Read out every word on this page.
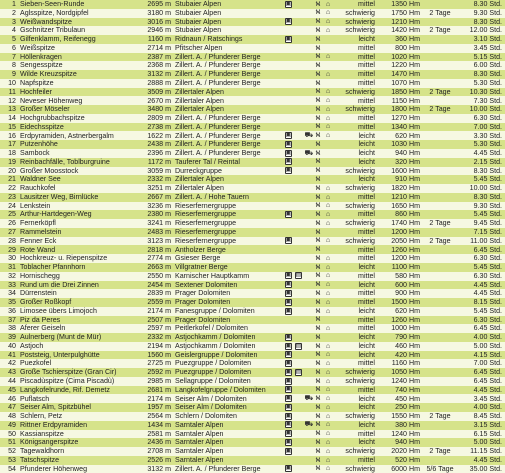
1	Sieben-Seen-Runde	2695 m	Stubaier Alpen	▣			⛕	⌂	mittel	1350 Hm		8.30 Std.
2	Aglsspitze, Nordgipfel	3180 m	Stubaier Alpen				⛕	⌂	schwierig	1750 Hm	2 Tage	9.30 Std.
3	Weißwandspitze	3016 m	Stubaier Alpen	▣			⛕	⌂	schwierig	1210 Hm		8.30 Std.
4	Gschnitzer Tribulaun	2946 m	Stubaier Alpen				⛕	⌂	schwierig	1420 Hm	2 Tage	12.00 Std.
5	Gilfenklamm, Reifenegg	1160 m	Ridnaun / Ratschings	▣			⛕		leicht	360 Hm		3.10 Std.
6	Weißspitze	2714 m	Pfitscher Alpen				⛕		mittel	800 Hm		3.45 Std.
7	Höllenkragen	2387 m	Zillert. A. / Pfunderer Berge				⛕	⌂	mittel	1020 Hm		5.15 Std.
8	Sengesspitze	2368 m	Zillert. A. / Pfunderer Berge				⛕		mittel	1220 Hm		6.00 Std.
9	Wilde Kreuzspitze	3132 m	Zillert. A. / Pfunderer Berge				⛕	⌂	mittel	1470 Hm		8.30 Std.
10	Napfspitze	2888 m	Zillert. A. / Pfunderer Berge				⛕		mittel	1070 Hm		5.30 Std.
11	Hochfeiler	3509 m	Zillertaler Alpen				⛕	⌂	schwierig	1850 Hm	2 Tage	10.30 Std.
12	Neveser Höhenweg	2670 m	Zillertaler Alpen				⛕	⌂	mittel	1150 Hm		7.30 Std.
13	Großer Möseler	3480 m	Zillertaler Alpen				⛕	⌂	schwierig	1800 Hm	2 Tage	10.00 Std.
14	Hochgrubbachspitze	2809 m	Zillert. A. / Pfunderer Berge				⛕	⌂	mittel	1270 Hm		6.30 Std.
15	Eidechsspitze	2738 m	Zillert. A. / Pfunderer Berge				⛕	⌂	mittel	1340 Hm		7.00 Std.
16	Erdpyramiden, Astnerbergalm	1622 m	Zillert. A. / Pfunderer Berge	▣		⛟	⛕	⌂	leicht	620 Hm		3.30 Std.
17	Putzenhöhe	2438 m	Zillert. A. / Pfunderer Berge	▣			⛕		leicht	1030 Hm		5.30 Std.
18	Sambock	2396 m	Zillert. A. / Pfunderer Berge	▣		⛟	⛕		leicht	940 Hm		4.45 Std.
19	Reinbachfälle, Toblburgruine	1172 m	Tauferer Tal / Reintal	▣			⛕		leicht	320 Hm		2.15 Std.
20	Großer Moosstock	3059 m	Durreckgruppe	▣			⛕		schwierig	1600 Hm		8.30 Std.
21	Waldner See	2332 m	Zillertaler Alpen				⛕		leicht	910 Hm		5.45 Std.
22	Rauchkofel	3251 m	Zillertaler Alpen				⛕	⌂	schwierig	1820 Hm		10.00 Std.
23	Lausitzer Weg, Birnlücke	2667 m	Zillert. A. / Hohe Tauern				⛕	⌂	mittel	1210 Hm		8.30 Std.
24	Lenkstein	3236 m	Rieserfernergruppe				⛕	⌂	schwierig	1650 Hm		9.30 Std.
25	Arthur-Hartdegen-Weg	2380 m	Rieserfernergruppe	▣			⛕	⌂	mittel	860 Hm		5.45 Std.
26	Fernerköpfl	3241 m	Rieserfernergruppe				⛕	⌂	schwierig	1740 Hm	2 Tage	9.45 Std.
27	Rammelstein	2483 m	Rieserfernergruppe				⛕		mittel	1200 Hm		7.15 Std.
28	Fenner Eck	3123 m	Rieserfernergruppe	▣			⛕	⌂	schwierig	2050 Hm	2 Tage	11.00 Std.
29	Rote Wand	2818 m	Antholzer Berge				⛕		mittel	1260 Hm		6.45 Std.
30	Hochkreuz- u. Riepenspitze	2774 m	Gsieser Berge				⛕	⌂	mittel	1200 Hm		6.30 Std.
31	Toblacher Pfannhorn	2663 m	Villgratner Berge				⛕	⌂	leicht	1100 Hm		5.45 Std.
32	Hornischegg	2550 m	Karnischer Hauptkamm	▣	▤		⛕	⌂	mittel	580 Hm		6.30 Std.
33	Rund um die Drei Zinnen	2454 m	Sextener Dolomiten	▣			⛕	⌂	leicht	600 Hm		4.45 Std.
34	Dürrenstein	2839 m	Prager Dolomiten	▣			⛕	⌂	mittel	900 Hm		4.45 Std.
35	Großer Roßkopf	2559 m	Prager Dolomiten	▣			⛕	⌂	mittel	1500 Hm		8.15 Std.
36	Limosee übers Limojoch	2174 m	Fanesgruppe / Dolomiten	▣			⛕	⌂	leicht	620 Hm		5.45 Std.
37	Piz da Peres	2507 m	Prager Dolomiten				⛕		mittel	1260 Hm		6.30 Std.
38	Aferer Geiseln	2597 m	Peitlerkofel / Dolomiten				⛕	⌂	mittel	1000 Hm		6.45 Std.
39	Aulnerberg (Munt de Mür)	2332 m	Astjochkamm / Dolomiten	▣			⛕		leicht	790 Hm		4.00 Std.
40	Astjoch	2194 m	Astjochkamm / Dolomiten	▣	▤		⛕	⌂	leicht	460 Hm		5.00 Std.
41	Poststeig, Unterpulghütte	1560 m	Geislergruppe / Dolomiten	▣			⛕	⌂	leicht	420 Hm		4.15 Std.
42	Puezkofel	2725 m	Puezgruppe / Dolomiten	▣			⛕	⌂	mittel	1160 Hm		7.00 Std.
43	Große Tschierspitze (Gran Cir)	2592 m	Puezgruppe / Dolomiten	▣	▤		⛕	⌂	schwierig	1050 Hm		6.45 Std.
44	Piscadùspitze (Cima Piscadù)	2985 m	Sellagruppe / Dolomiten	▣			⛕	⌂	schwierig	1240 Hm		6.45 Std.
45	Langkofelrunde, Rif. Demetz	2681 m	Langkofelgruppe / Dolomiten	▣			⛕	⌂	mittel	740 Hm		4.45 Std.
46	Puflatsch	2174 m	Seiser Alm / Dolomiten	▣		⛟	⛕	⌂	leicht	450 Hm		3.45 Std.
47	Seiser Alm, Spitzbühel	1957 m	Seiser Alm / Dolomiten	▣			⛕	⌂	leicht	250 Hm		4.00 Std.
48	Schlern, Petz	2564 m	Schlern / Dolomiten	▣			⛕	⌂	schwierig	1550 Hm	2 Tage	8.45 Std.
49	Rittner Erdpyramiden	1434 m	Sarntaler Alpen	▣		⛟	⛕	⌂	leicht	380 Hm		3.15 Std.
50	Kassianspitze	2581 m	Sarntaler Alpen	▣			⛕	⌂	mittel	1240 Hm		6.15 Std.
51	Königsangerspitze	2436 m	Sarntaler Alpen	▣			⛕	⌂	leicht	940 Hm		5.00 Std.
52	Tagewaldhorn	2708 m	Sarntaler Alpen	▣			⛕	⌂	schwierig	2020 Hm	2 Tage	11.15 Std.
53	Tatschspitze	2526 m	Sarntaler Alpen				⛕	⌂	mittel	520 Hm		4.45 Std.
54	Pfunderer Höhenweg	3132 m	Zillert. A. / Pfunderer Berge	▣			⛕	⌂	schwierig	6000 Hm	5/6 Tage	35.00 Std.
